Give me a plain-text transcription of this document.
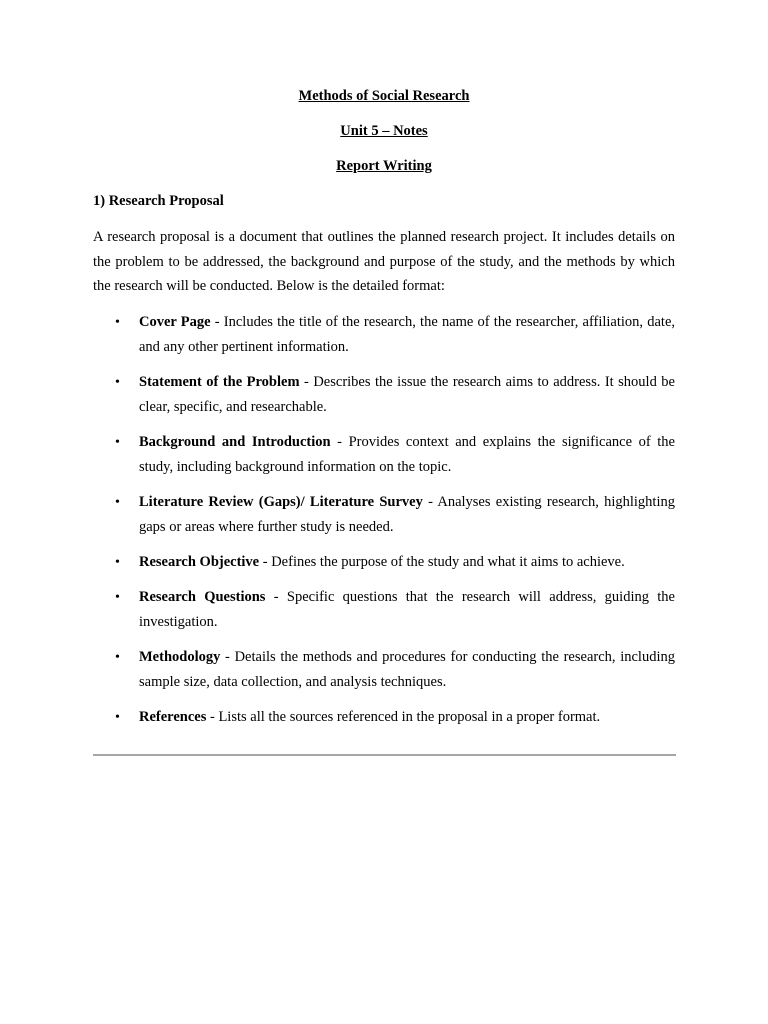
Methods of Social Research
Unit 5 – Notes
Report Writing
1) Research Proposal
A research proposal is a document that outlines the planned research project. It includes details on the problem to be addressed, the background and purpose of the study, and the methods by which the research will be conducted. Below is the detailed format:
• Cover Page - Includes the title of the research, the name of the researcher, affiliation, date, and any other pertinent information.
• Statement of the Problem - Describes the issue the research aims to address. It should be clear, specific, and researchable.
• Background and Introduction - Provides context and explains the significance of the study, including background information on the topic.
• Literature Review (Gaps)/ Literature Survey - Analyses existing research, highlighting gaps or areas where further study is needed.
• Research Objective - Defines the purpose of the study and what it aims to achieve.
• Research Questions - Specific questions that the research will address, guiding the investigation.
• Methodology - Details the methods and procedures for conducting the research, including sample size, data collection, and analysis techniques.
• References - Lists all the sources referenced in the proposal in a proper format.
